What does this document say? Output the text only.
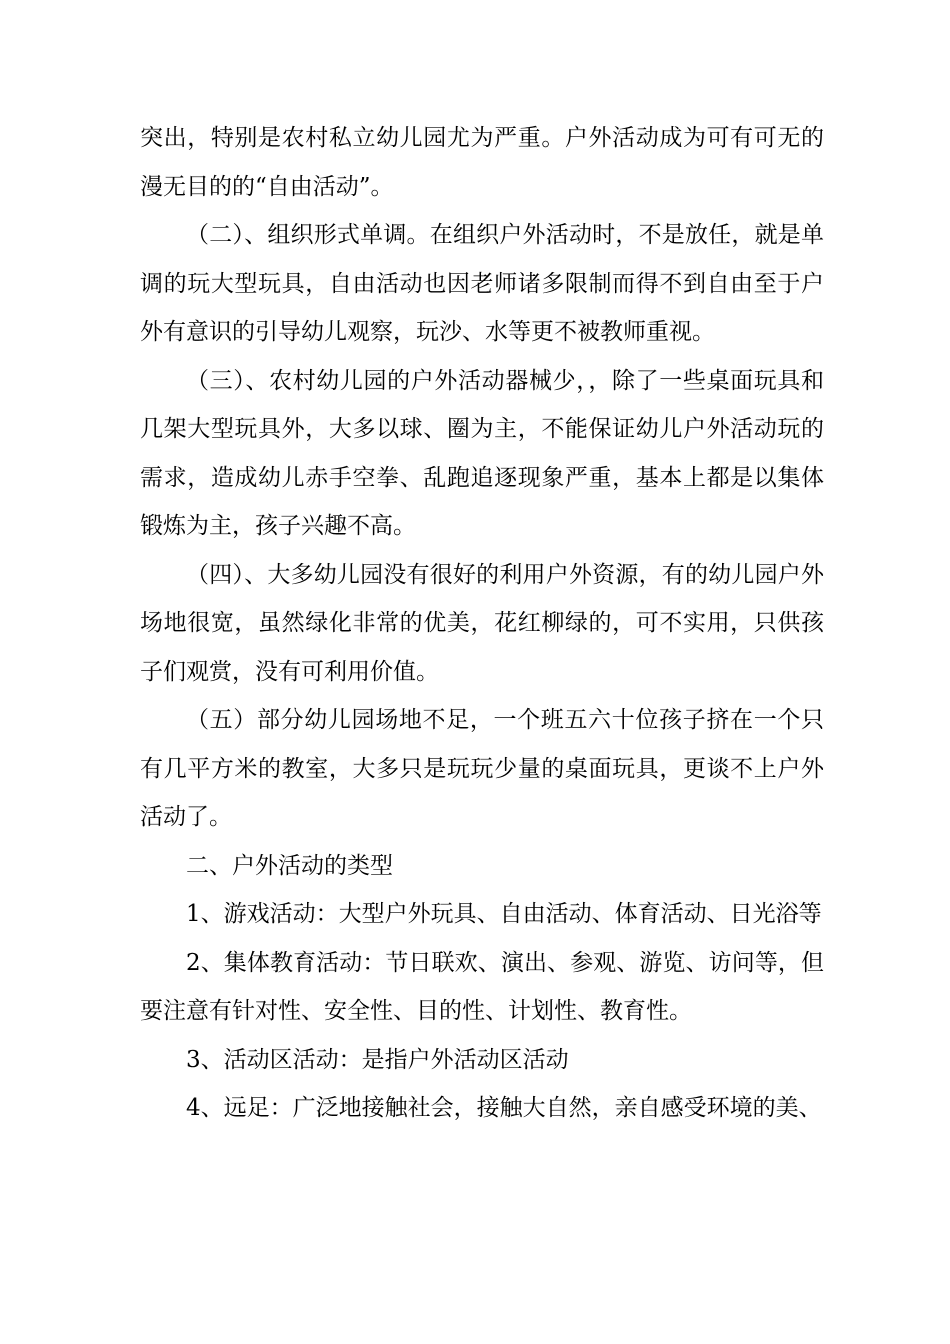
突出，特别是农村私立幼儿园尤为严重。户外活动成为可有可无的漫无目的的“自由活动”。

（二）、组织形式单调。在组织户外活动时，不是放任，就是单调的玩大型玩具，自由活动也因老师诸多限制而得不到自由至于户外有意识的引导幼儿观察，玩沙、水等更不被教师重视。

（三）、农村幼儿园的户外活动器械少，，除了一些桌面玩具和几架大型玩具外，大多以球、圈为主，不能保证幼儿户外活动玩的需求，造成幼儿赤手空拳、乱跑追逐现象严重，基本上都是以集体锻炼为主，孩子兴趣不高。

（四）、大多幼儿园没有很好的利用户外资源，有的幼儿园户外场地很宽，虽然绿化非常的优美，花红柳绿的，可不实用，只供孩子们观赏，没有可利用价值。

（五）部分幼儿园场地不足，一个班五六十位孩子挤在一个只有几平方米的教室，大多只是玩玩少量的桌面玩具，更谈不上户外活动了。

二、户外活动的类型

1、游戏活动：大型户外玩具、自由活动、体育活动、日光浴等

2、集体教育活动：节日联欢、演出、参观、游览、访问等，但要注意有针对性、安全性、目的性、计划性、教育性。

3、活动区活动：是指户外活动区活动

4、远足：广泛地接触社会，接触大自然，亲自感受环境的美、
